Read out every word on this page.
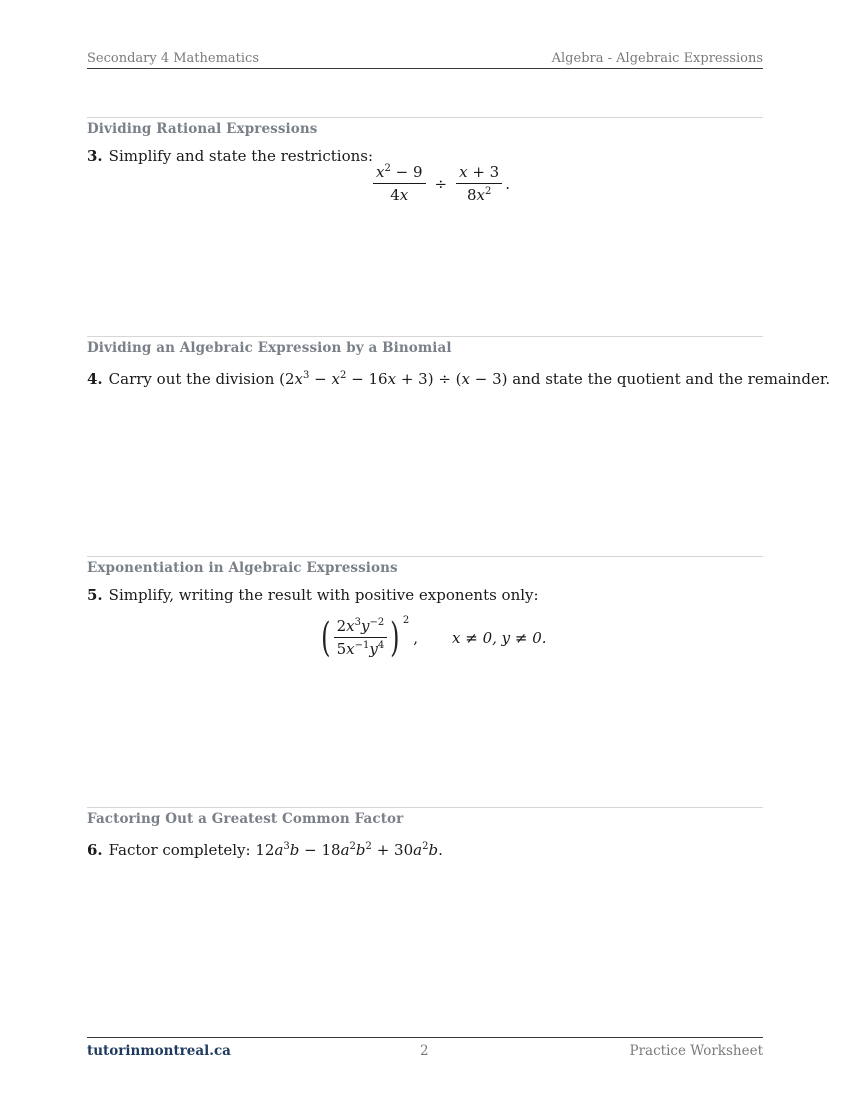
Secondary 4 Mathematics	Algebra - Algebraic Expressions
Dividing Rational Expressions
3. Simplify and state the restrictions:
$\frac{x^2 - 9}{4x} \div \frac{x + 3}{8x^2}$ .
Dividing an Algebraic Expression by a Binomial
4. Carry out the division $(2x^3 - x^2 - 16x + 3) \div (x - 3)$ and state the quotient and the remainder.
Exponentiation in Algebraic Expressions
5. Simplify, writing the result with positive exponents only:
( $\frac{2x^3y^{-2}}{5x^{-1}y^4}$ ) 2
, x ≠ 0, y ≠ 0.
Factoring Out a Greatest Common Factor
6. Factor completely: $12a^3b - 18a^2b^2 + 30a^2b$.
tutorinmontreal.ca	2	Practice Worksheet
